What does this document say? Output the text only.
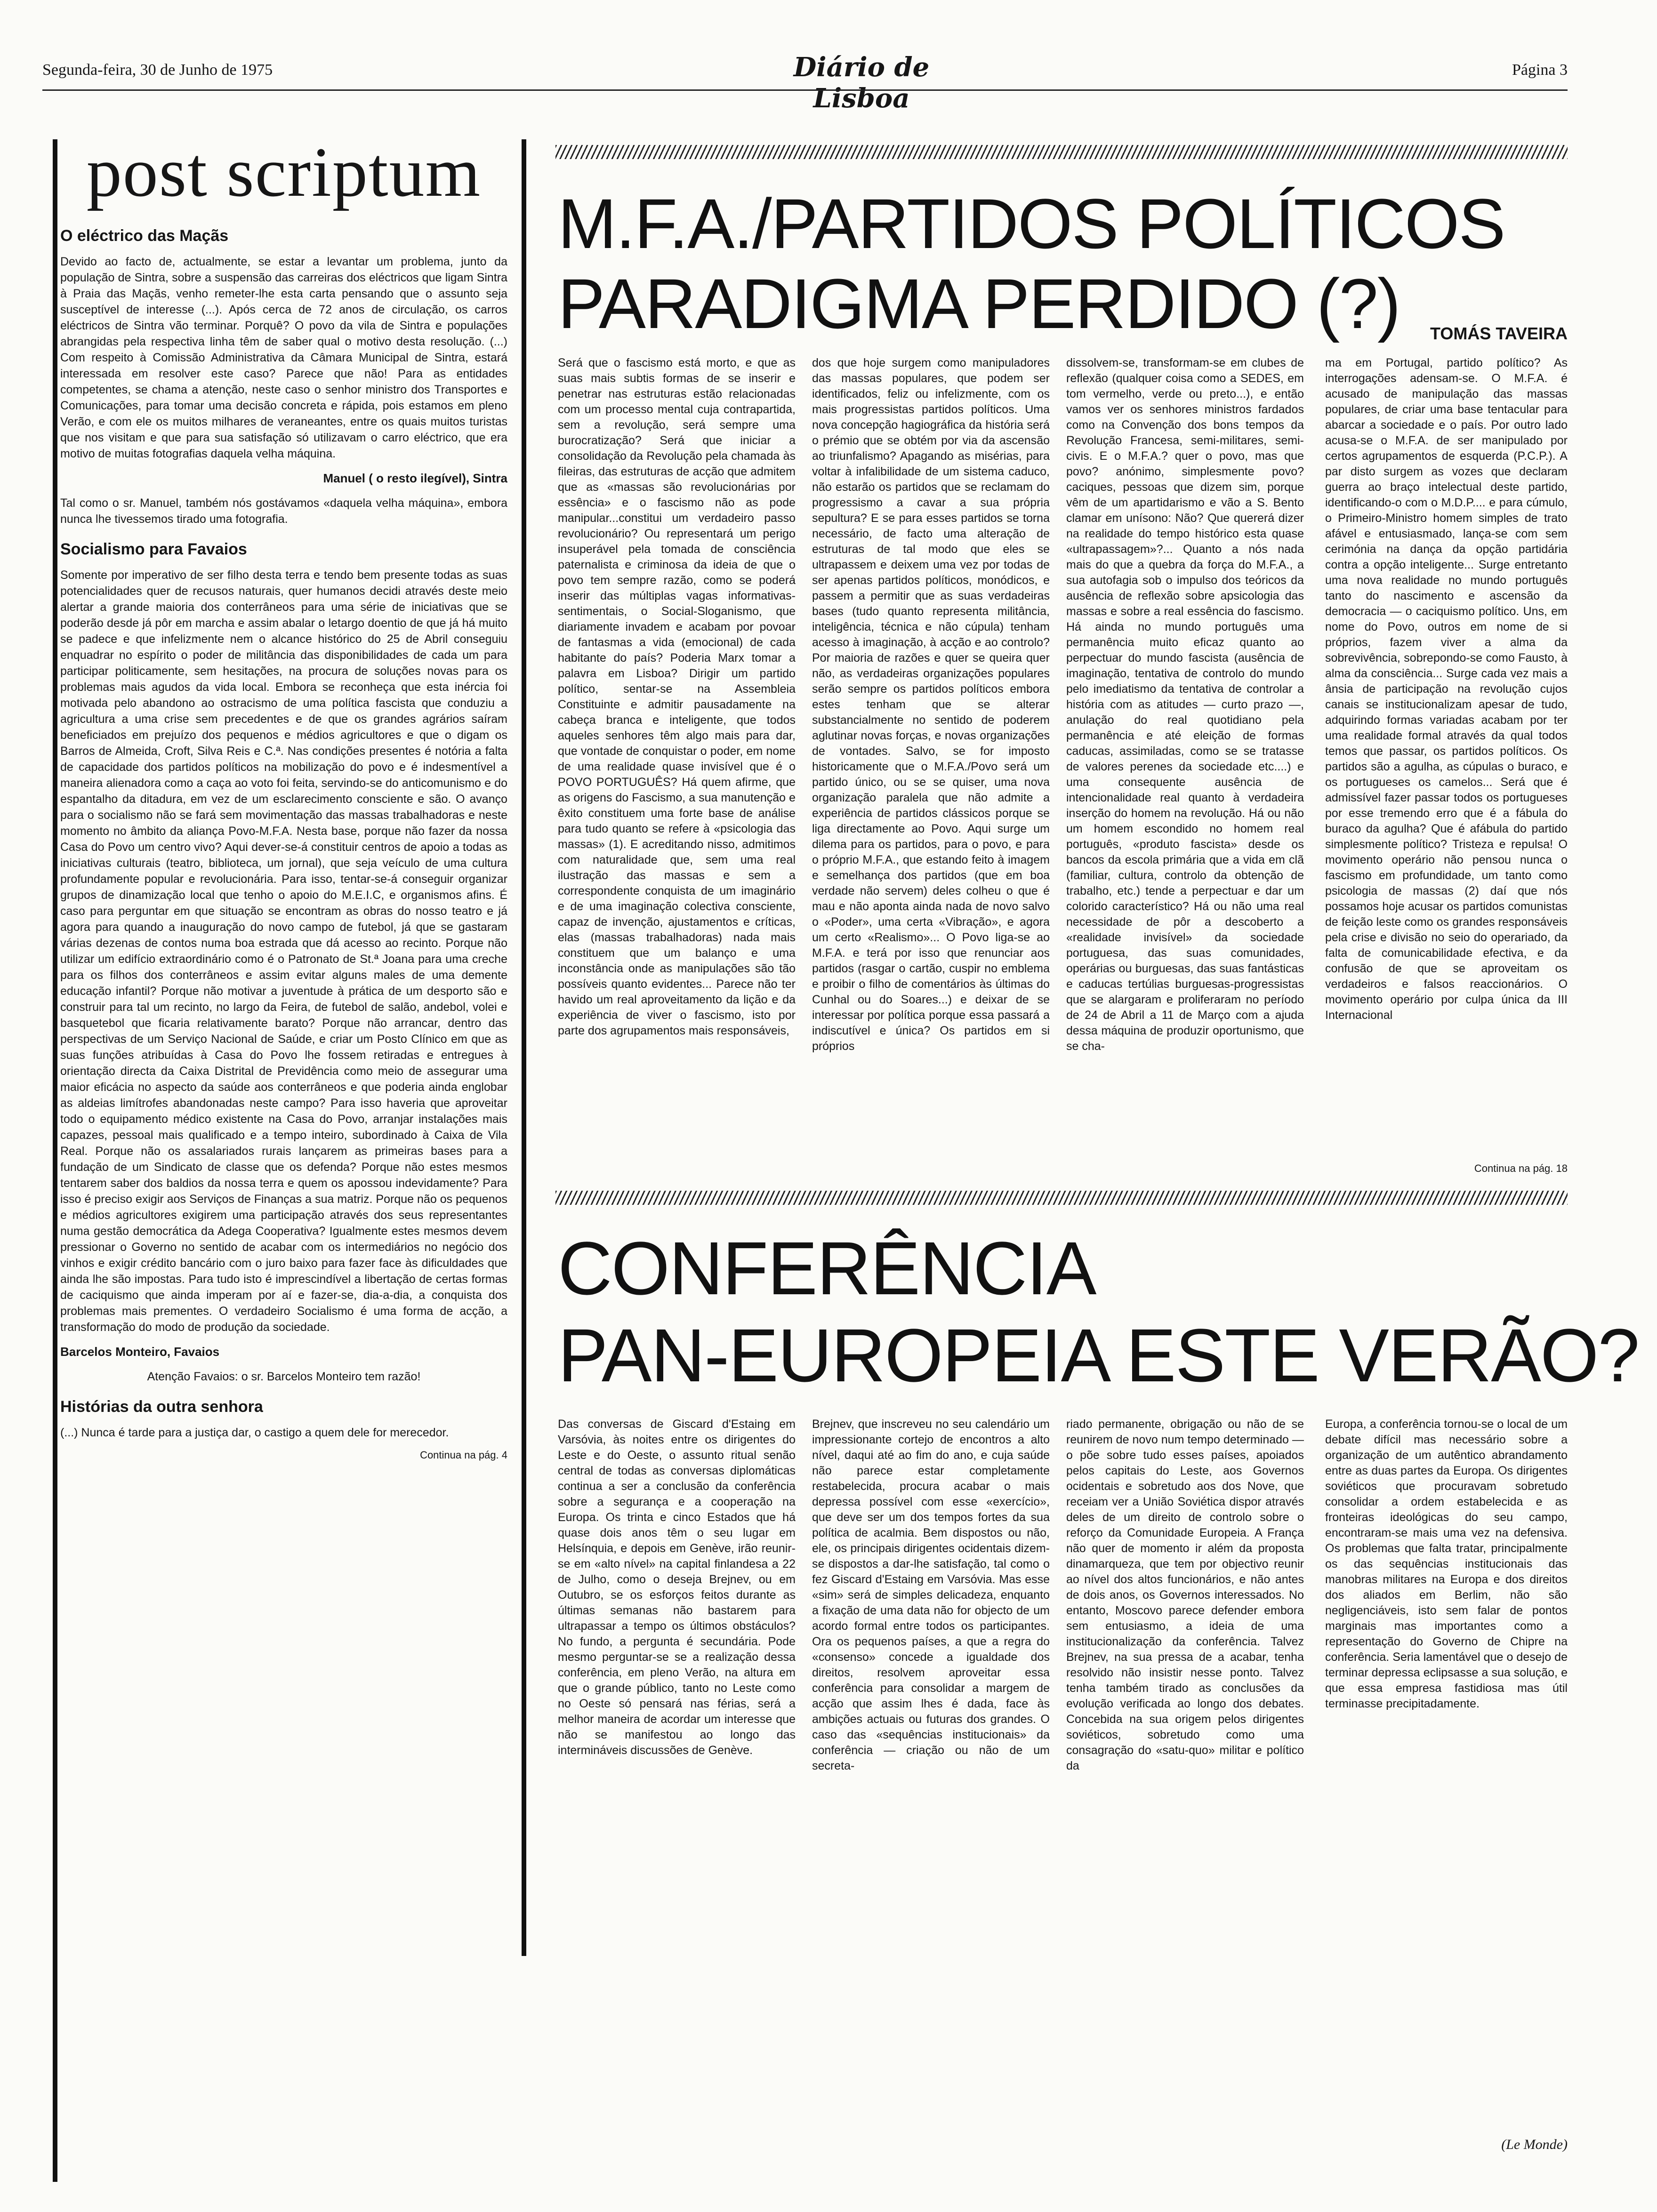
Segunda-feira, 30 de Junho de 1975	Diário de Lisboa
Página 3
post scriptum
O eléctrico das Maçãs

Devido ao facto de, actualmente, se estar a levantar um problema, junto da população de Sintra, sobre a suspensão das carreiras dos eléctricos que ligam Sintra à Praia das Maçãs, venho remeter-lhe esta carta pensando que o assunto seja susceptível de interesse (...). Após cerca de 72 anos de circulação, os carros eléctricos de Sintra vão terminar. Porquê? O povo da vila de Sintra e populações abrangidas pela respectiva linha têm de saber qual o motivo desta resolução. (...) Com respeito à Comissão Administrativa da Câmara Municipal de Sintra, estará interessada em resolver este caso? Parece que não! Para as entidades competentes, se chama a atenção, neste caso o senhor ministro dos Transportes e Comunicações, para tomar uma decisão concreta e rápida, pois estamos em pleno Verão, e com ele os muitos milhares de veraneantes, entre os quais muitos turistas que nos visitam e que para sua satisfação só utilizavam o carro eléctrico, que era motivo de muitas fotografias daquela velha máquina.

Manuel ( o resto ilegível), Sintra

Tal como o sr. Manuel, também nós gostávamos «daquela velha máquina», embora nunca lhe tivessemos tirado uma fotografia.

Socialismo para Favaios

Somente por imperativo de ser filho desta terra e tendo bem presente todas as suas potencialidades quer de recusos naturais, quer humanos decidi através deste meio alertar a grande maioria dos conterrâneos para uma série de iniciativas que se poderão desde já pôr em marcha e assim abalar o letargo doentio de que já há muito se padece e que infelizmente nem o alcance histórico do 25 de Abril conseguiu enquadrar no espírito o poder de militância das disponibilidades de cada um para participar politicamente, sem hesitações, na procura de soluções novas para os problemas mais agudos da vida local. Embora se reconheça que esta inércia foi motivada pelo abandono ao ostracismo de uma política fascista que conduziu a agricultura a uma crise sem precedentes e de que os grandes agrários saíram beneficiados em prejuízo dos pequenos e médios agricultores e que o digam os Barros de Almeida, Croft, Silva Reis e C.ª. Nas condições presentes é notória a falta de capacidade dos partidos políticos na mobilização do povo e é indesmentível a maneira alienadora como a caça ao voto foi feita, servindo-se do anticomunismo e do espantalho da ditadura, em vez de um esclarecimento consciente e são. O avanço para o socialismo não se fará sem movimentação das massas trabalhadoras e neste momento no âmbito da aliança Povo-M.F.A. Nesta base, porque não fazer da nossa Casa do Povo um centro vivo? Aqui dever-se-á constituir centros de apoio a todas as iniciativas culturais (teatro, biblioteca, um jornal), que seja veículo de uma cultura profundamente popular e revolucionária. Para isso, tentar-se-á conseguir organizar grupos de dinamização local que tenho o apoio do M.E.I.C, e organismos afins. É caso para perguntar em que situação se encontram as obras do nosso teatro e já agora para quando a inauguração do novo campo de futebol, já que se gastaram várias dezenas de contos numa boa estrada que dá acesso ao recinto. Porque não utilizar um edifício extraordinário como é o Patronato de St.ª Joana para uma creche para os filhos dos conterrâneos e assim evitar alguns males de uma demente educação infantil? Porque não motivar a juventude à prática de um desporto são e construir para tal um recinto, no largo da Feira, de futebol de salão, andebol, volei e basquetebol que ficaria relativamente barato? Porque não arrancar, dentro das perspectivas de um Serviço Nacional de Saúde, e criar um Posto Clínico em que as suas funções atribuídas à Casa do Povo lhe fossem retiradas e entregues à orientação directa da Caixa Distrital de Previdência como meio de assegurar uma maior eficácia no aspecto da saúde aos conterrâneos e que poderia ainda englobar as aldeias limítrofes abandonadas neste campo? Para isso haveria que aproveitar todo o equipamento médico existente na Casa do Povo, arranjar instalações mais capazes, pessoal mais qualificado e a tempo inteiro, subordinado à Caixa de Vila Real. Porque não os assalariados rurais lançarem as primeiras bases para a fundação de um Sindicato de classe que os defenda? Porque não estes mesmos tentarem saber dos baldios da nossa terra e quem os apossou indevidamente? Para isso é preciso exigir aos Serviços de Finanças a sua matriz. Porque não os pequenos e médios agricultores exigirem uma participação através dos seus representantes numa gestão democrática da Adega Cooperativa? Igualmente estes mesmos devem pressionar o Governo no sentido de acabar com os intermediários no negócio dos vinhos e exigir crédito bancário com o juro baixo para fazer face às dificuldades que ainda lhe são impostas. Para tudo isto é imprescindível a libertação de certas formas de caciquismo que ainda imperam por aí e fazer-se, dia-a-dia, a conquista dos problemas mais prementes. O verdadeiro Socialismo é uma forma de acção, a transformação do modo de produção da sociedade.

Barcelos Monteiro, Favaios

Atenção Favaios: o sr. Barcelos Monteiro tem razão!

Histórias da outra senhora

(...) Nunca é tarde para a justiça dar, o castigo a quem dele for merecedor.

Continua na pág. 4
M.F.A./PARTIDOS POLÍTICOS
PARADIGMA PERDIDO (?)	TOMÁS TAVEIRA
Será que o fascismo está morto, e que as suas mais subtis formas de se inserir e penetrar nas estruturas estão relacionadas com um processo mental cuja contrapartida, sem a revolução, será sempre uma burocratização? Será que iniciar a consolidação da Revolução pela chamada às fileiras, das estruturas de acção que admitem que as «massas são revolucionárias por essência» e o fascismo não as pode manipular...constitui um verdadeiro passo revolucionário? Ou representará um perigo insuperável pela tomada de consciência paternalista e criminosa da ideia de que o povo tem sempre razão, como se poderá inserir das múltiplas vagas informativas-sentimentais, o Social-Sloganismo, que diariamente invadem e acabam por povoar de fantasmas a vida (emocional) de cada habitante do país? Poderia Marx tomar a palavra em Lisboa? Dirigir um partido político, sentar-se na Assembleia Constituinte e admitir pausadamente na cabeça branca e inteligente, que todos aqueles senhores têm algo mais para dar, que vontade de conquistar o poder, em nome de uma realidade quase invisível que é o POVO PORTUGUÊS? Há quem afirme, que as origens do Fascismo, a sua manutenção e êxito constituem uma forte base de análise para tudo quanto se refere à «psicologia das massas» (1). E acreditando nisso, admitimos com naturalidade que, sem uma real ilustração das massas e sem a correspondente conquista de um imaginário e de uma imaginação colectiva consciente, capaz de invenção, ajustamentos e críticas, elas (massas trabalhadoras) nada mais constituem que um balanço e uma inconstância onde as manipulações são tão possíveis quanto evidentes... Parece não ter havido um real aproveitamento da lição e da experiência de viver o fascismo, isto por parte dos agrupamentos mais responsáveis,
dos que hoje surgem como manipuladores das massas populares, que podem ser identificados, feliz ou infelizmente, com os mais progressistas partidos políticos. Uma nova concepção hagiográfica da história será o prémio que se obtém por via da ascensão ao triunfalismo? Apagando as misérias, para voltar à infalibilidade de um sistema caduco, não estarão os partidos que se reclamam do progressismo a cavar a sua própria sepultura? E se para esses partidos se torna necessário, de facto uma alteração de estruturas de tal modo que eles se ultrapassem e deixem uma vez por todas de ser apenas partidos políticos, monódicos, e passem a permitir que as suas verdadeiras bases (tudo quanto representa militância, inteligência, técnica e não cúpula) tenham acesso à imaginação, à acção e ao controlo? Por maioria de razões e quer se queira quer não, as verdadeiras organizações populares serão sempre os partidos políticos embora estes tenham que se alterar substancialmente no sentido de poderem aglutinar novas forças, e novas organizações de vontades. Salvo, se for imposto historicamente que o M.F.A./Povo será um partido único, ou se se quiser, uma nova organização paralela que não admite a experiência de partidos clássicos porque se liga directamente ao Povo. Aqui surge um dilema para os partidos, para o povo, e para o próprio M.F.A., que estando feito à imagem e semelhança dos partidos (que em boa verdade não servem) deles colheu o que é mau e não aponta ainda nada de novo salvo o «Poder», uma certa «Vibração», e agora um certo «Realismo»... O Povo liga-se ao M.F.A. e terá por isso que renunciar aos partidos (rasgar o cartão, cuspir no emblema e proibir o filho de comentários às últimas do Cunhal ou do Soares...) e deixar de se interessar por política porque essa passará a indiscutível e única? Os partidos em si próprios
dissolvem-se, transformam-se em clubes de reflexão (qualquer coisa como a SEDES, em tom vermelho, verde ou preto...), e então vamos ver os senhores ministros fardados como na Convenção dos bons tempos da Revolução Francesa, semi-militares, semi-civis. E o M.F.A.? quer o povo, mas que povo? anónimo, simplesmente povo? caciques, pessoas que dizem sim, porque vêm de um apartidarismo e vão a S. Bento clamar em unísono: Não? Que quererá dizer na realidade do tempo histórico esta quase «ultrapassagem»?... Quanto a nós nada mais do que a quebra da força do M.F.A., a sua autofagia sob o impulso dos teóricos da ausência de reflexão sobre apsicologia das massas e sobre a real essência do fascismo. Há ainda no mundo português uma permanência muito eficaz quanto ao perpectuar do mundo fascista (ausência de imaginação, tentativa de controlo do mundo pelo imediatismo da tentativa de controlar a história com as atitudes — curto prazo —, anulação do real quotidiano pela permanência e até eleição de formas caducas, assimiladas, como se se tratasse de valores perenes da sociedade etc....) e uma consequente ausência de intencionalidade real quanto à verdadeira inserção do homem na revolução. Há ou não um homem escondido no homem real português, «produto fascista» desde os bancos da escola primária que a vida em clã (familiar, cultura, controlo da obtenção de trabalho, etc.) tende a perpectuar e dar um colorido característico? Há ou não uma real necessidade de pôr a descoberto a «realidade invisível» da sociedade portuguesa, das suas comunidades, operárias ou burguesas, das suas fantásticas e caducas tertúlias burguesas-progressistas que se alargaram e proliferaram no período de 24 de Abril a 11 de Março com a ajuda dessa máquina de produzir oportunismo, que se cha-
ma em Portugal, partido político? As interrogações adensam-se. O M.F.A. é acusado de manipulação das massas populares, de criar uma base tentacular para abarcar a sociedade e o país. Por outro lado acusa-se o M.F.A. de ser manipulado por certos agrupamentos de esquerda (P.C.P.). A par disto surgem as vozes que declaram guerra ao braço intelectual deste partido, identificando-o com o M.D.P.... e para cúmulo, o Primeiro-Ministro homem simples de trato afável e entusiasmado, lança-se com sem cerimónia na dança da opção partidária contra a opção inteligente... Surge entretanto uma nova realidade no mundo português tanto do nascimento e ascensão da democracia — o caciquismo político. Uns, em nome do Povo, outros em nome de si próprios, fazem viver a alma da sobrevivência, sobrepondo-se como Fausto, à alma da consciência... Surge cada vez mais a ânsia de participação na revolução cujos canais se institucionalizam apesar de tudo, adquirindo formas variadas acabam por ter uma realidade formal através da qual todos temos que passar, os partidos políticos. Os partidos são a agulha, as cúpulas o buraco, e os portugueses os camelos... Será que é admissível fazer passar todos os portugueses por esse tremendo erro que é a fábula do buraco da agulha? Que é afábula do partido simplesmente político? Tristeza e repulsa! O movimento operário não pensou nunca o fascismo em profundidade, um tanto como psicologia de massas (2) daí que nós possamos hoje acusar os partidos comunistas de feição leste como os grandes responsáveis pela crise e divisão no seio do operariado, da falta de comunicabilidade efectiva, e da confusão de que se aproveitam os verdadeiros e falsos reaccionários. O movimento operário por culpa única da III Internacional
Continua na pág. 18
CONFERÊNCIA
PAN-EUROPEIA ESTE VERÃO?
Das conversas de Giscard d'Estaing em Varsóvia, às noites entre os dirigentes do Leste e do Oeste, o assunto ritual senão central de todas as conversas diplomáticas continua a ser a conclusão da conferência sobre a segurança e a cooperação na Europa. Os trinta e cinco Estados que há quase dois anos têm o seu lugar em Helsínquia, e depois em Genève, irão reunir-se em «alto nível» na capital finlandesa a 22 de Julho, como o deseja Brejnev, ou em Outubro, se os esforços feitos durante as últimas semanas não bastarem para ultrapassar a tempo os últimos obstáculos? No fundo, a pergunta é secundária. Pode mesmo perguntar-se se a realização dessa conferência, em pleno Verão, na altura em que o grande público, tanto no Leste como no Oeste só pensará nas férias, será a melhor maneira de acordar um interesse que não se manifestou ao longo das intermináveis discussões de Genève.
Brejnev, que inscreveu no seu calendário um impressionante cortejo de encontros a alto nível, daqui até ao fim do ano, e cuja saúde não parece estar completamente restabelecida, procura acabar o mais depressa possível com esse «exercício», que deve ser um dos tempos fortes da sua política de acalmia. Bem dispostos ou não, ele, os principais dirigentes ocidentais dizem-se dispostos a dar-lhe satisfação, tal como o fez Giscard d'Estaing em Varsóvia. Mas esse «sim» será de simples delicadeza, enquanto a fixação de uma data não for objecto de um acordo formal entre todos os participantes. Ora os pequenos países, a que a regra do «consenso» concede a igualdade dos direitos, resolvem aproveitar essa conferência para consolidar a margem de acção que assim lhes é dada, face às ambições actuais ou futuras dos grandes. O caso das «sequências institucionais» da conferência — criação ou não de um secreta-
riado permanente, obrigação ou não de se reunirem de novo num tempo determinado — o põe sobre tudo esses países, apoiados pelos capitais do Leste, aos Governos ocidentais e sobretudo aos dos Nove, que receiam ver a União Soviética dispor através deles de um direito de controlo sobre o reforço da Comunidade Europeia. A França não quer de momento ir além da proposta dinamarqueza, que tem por objectivo reunir ao nível dos altos funcionários, e não antes de dois anos, os Governos interessados. No entanto, Moscovo parece defender embora sem entusiasmo, a ideia de uma institucionalização da conferência. Talvez Brejnev, na sua pressa de a acabar, tenha resolvido não insistir nesse ponto. Talvez tenha também tirado as conclusões da evolução verificada ao longo dos debates. Concebida na sua origem pelos dirigentes soviéticos, sobretudo como uma consagração do «satu-quo» militar e político da
Europa, a conferência tornou-se o local de um debate difícil mas necessário sobre a organização de um autêntico abrandamento entre as duas partes da Europa. Os dirigentes soviéticos que procuravam sobretudo consolidar a ordem estabelecida e as fronteiras ideológicas do seu campo, encontraram-se mais uma vez na defensiva. Os problemas que falta tratar, principalmente os das sequências institucionais das manobras militares na Europa e dos direitos dos aliados em Berlim, não são negligenciáveis, isto sem falar de pontos marginais mas importantes como a representação do Governo de Chipre na conferência. Seria lamentável que o desejo de terminar depressa eclipsasse a sua solução, e que essa empresa fastidiosa mas útil terminasse precipitadamente.
(Le Monde)
